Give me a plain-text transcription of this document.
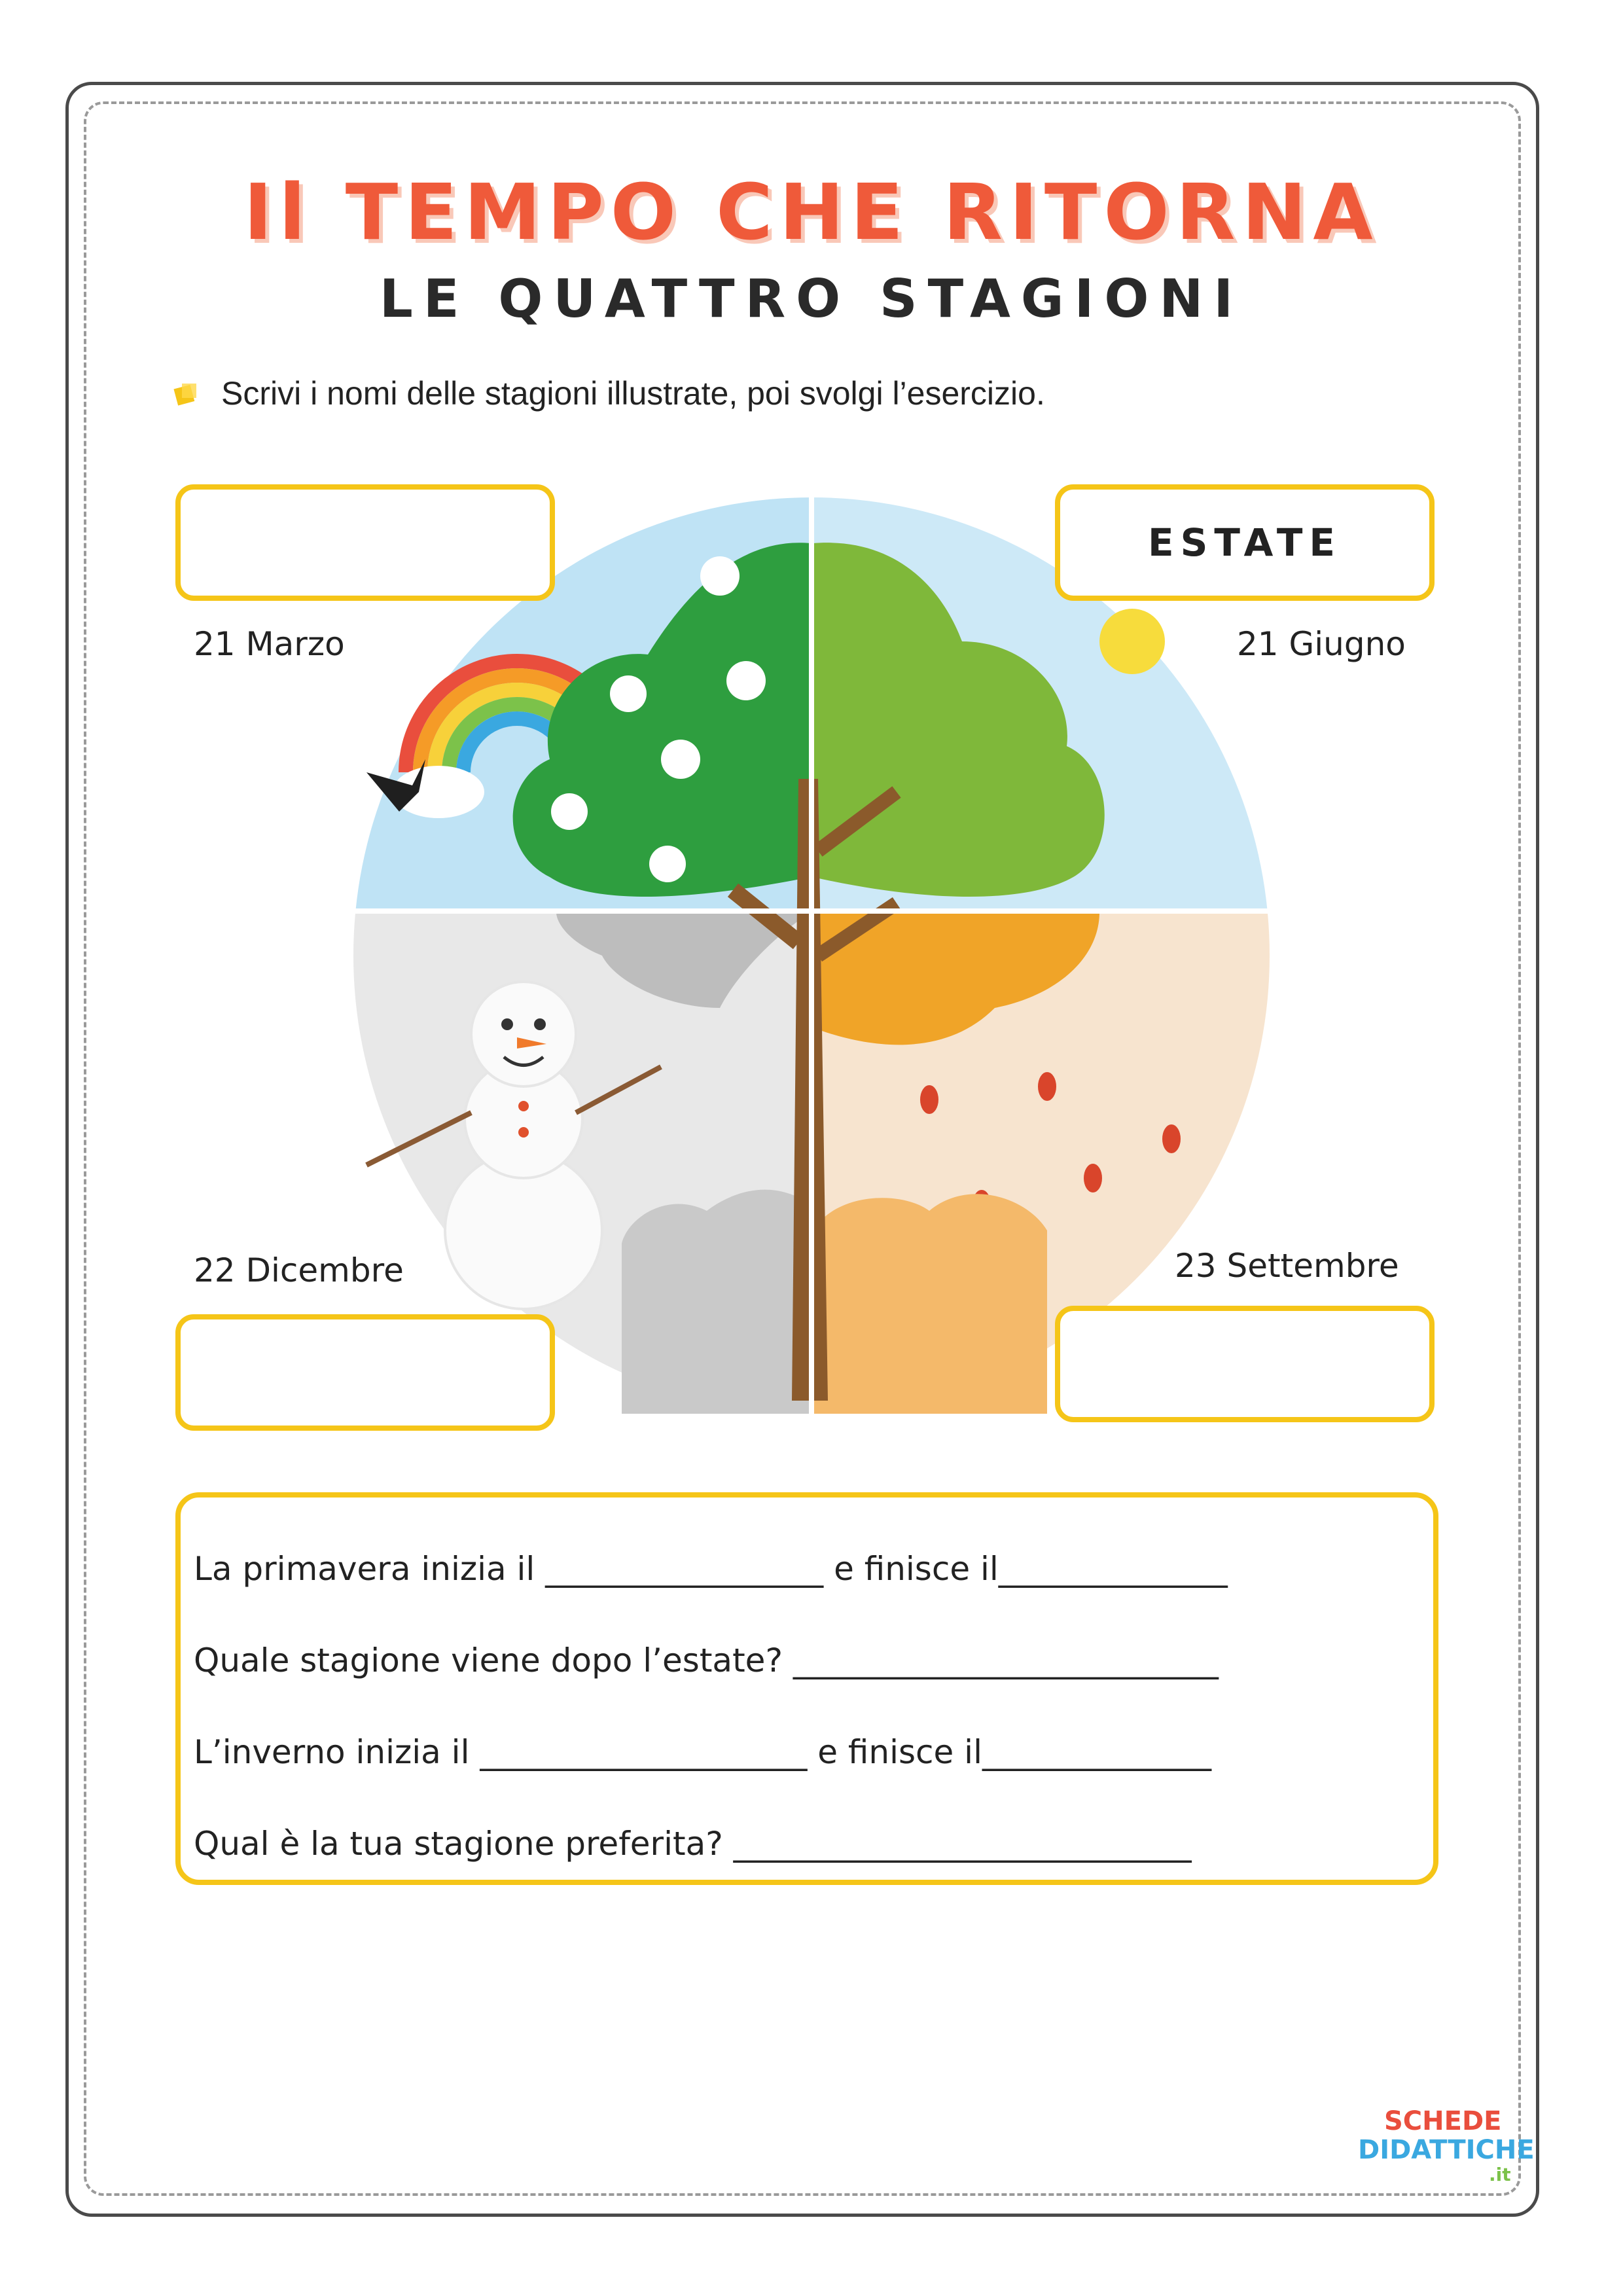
Il TEMPO CHE RITORNA
LE QUATTRO STAGIONI
Scrivi i nomi delle stagioni illustrate, poi svolgi l’esercizio.
ESTATE
21 Marzo	21 Giugno
22 Dicembre	23 Settembre
La primavera inizia il _________________ e finisce il______________
Quale stagione viene dopo l’estate? __________________________
L’inverno inizia il ____________________ e finisce il______________
Qual è la tua stagione preferita? ____________________________
SCHEDE
DIDATTICHE
.it
